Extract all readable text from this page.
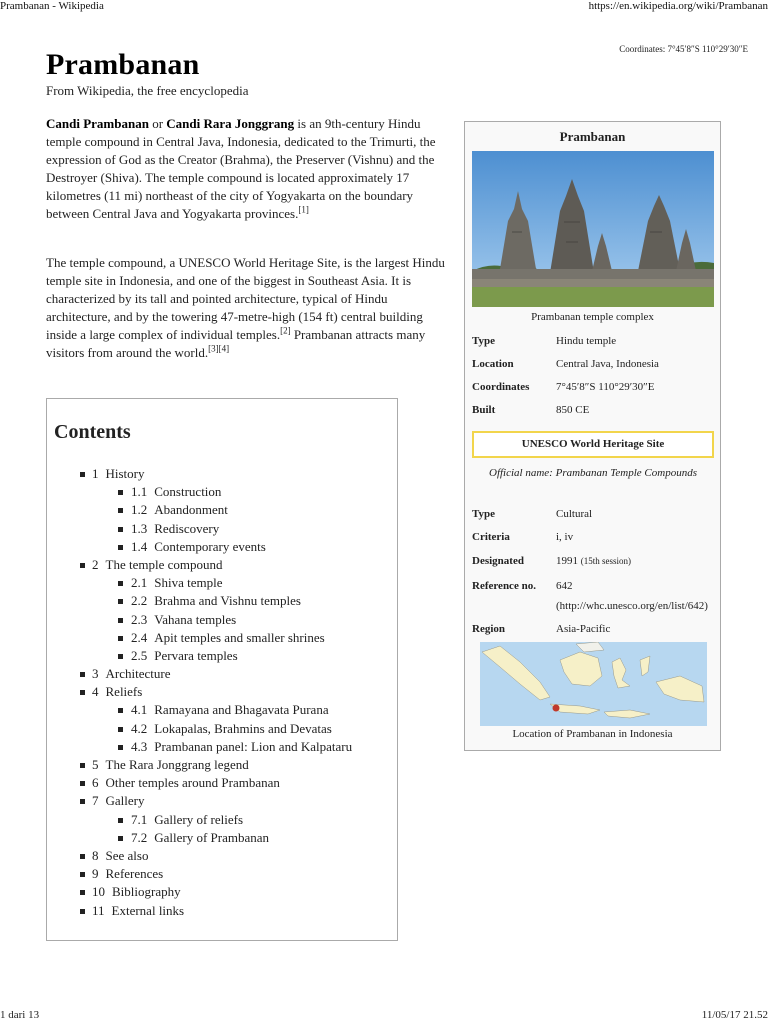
Prambanan - Wikipedia	https://en.wikipedia.org/wiki/Prambanan
Coordinates: 7°45′8″S 110°29′30″E
Prambanan
From Wikipedia, the free encyclopedia

Candi Prambanan or Candi Rara Jonggrang is an 9th-century Hindu temple compound in Central Java, Indonesia, dedicated to the Trimurti, the expression of God as the Creator (Brahma), the Preserver (Vishnu) and the Destroyer (Shiva). The temple compound is located approximately 17 kilometres (11 mi) northeast of the city of Yogyakarta on the boundary between Central Java and Yogyakarta provinces.[1]

The temple compound, a UNESCO World Heritage Site, is the largest Hindu temple site in Indonesia, and one of the biggest in Southeast Asia. It is characterized by its tall and pointed architecture, typical of Hindu architecture, and by the towering 47-metre-high (154 ft) central building inside a large complex of individual temples.[2] Prambanan attracts many visitors from around the world.[3][4]

Contents
1 History
1.1 Construction
1.2 Abandonment
1.3 Rediscovery
1.4 Contemporary events
2 The temple compound
2.1 Shiva temple
2.2 Brahma and Vishnu temples
2.3 Vahana temples
2.4 Apit temples and smaller shrines
2.5 Pervara temples
3 Architecture
4 Reliefs
4.1 Ramayana and Bhagavata Purana
4.2 Lokapalas, Brahmins and Devatas
4.3 Prambanan panel: Lion and Kalpataru
5 The Rara Jonggrang legend
6 Other temples around Prambanan
7 Gallery
7.1 Gallery of reliefs
7.2 Gallery of Prambanan
8 See also
9 References
10 Bibliography
11 External links
Prambanan
Prambanan temple complex
Type	Hindu temple
Location	Central Java, Indonesia
Coordinates 7°45′8″S 110°29′30″E
Built	850 CE
UNESCO World Heritage Site
Official name: Prambanan Temple Compounds
Type	Cultural
Criteria	i, iv
Designated	1991 (15th session)
Reference no. 642 (http://whc.unesco.org/en/list/642)
Region	Asia-Pacific
Location of Prambanan in Indonesia
1 dari 13	11/05/17 21.52
